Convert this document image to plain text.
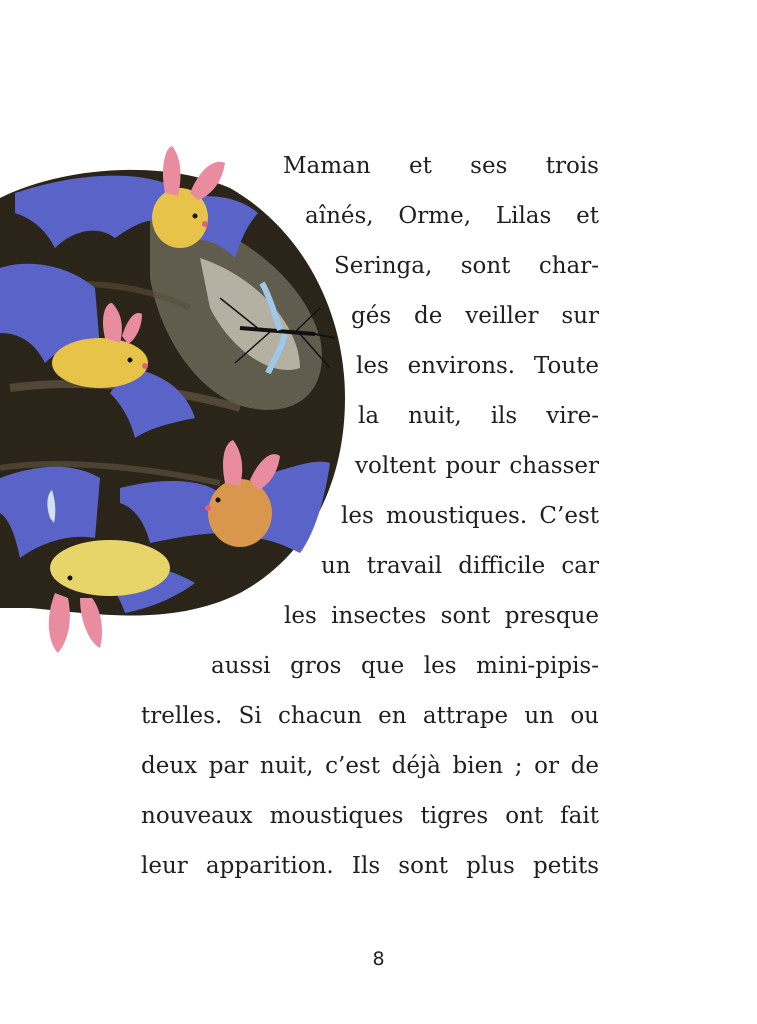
Maman et ses trois
aînés, Orme, Lilas et
Seringa, sont char-
gés de veiller sur
les environs. Toute
la nuit, ils vire-
voltent pour chasser
les moustiques. C’est
un travail difficile car
les insectes sont presque
aussi gros que les mini-pipis-
trelles. Si chacun en attrape un ou
deux par nuit, c’est déjà bien ; or de
nouveaux moustiques tigres ont fait
leur apparition. Ils sont plus petits
8
